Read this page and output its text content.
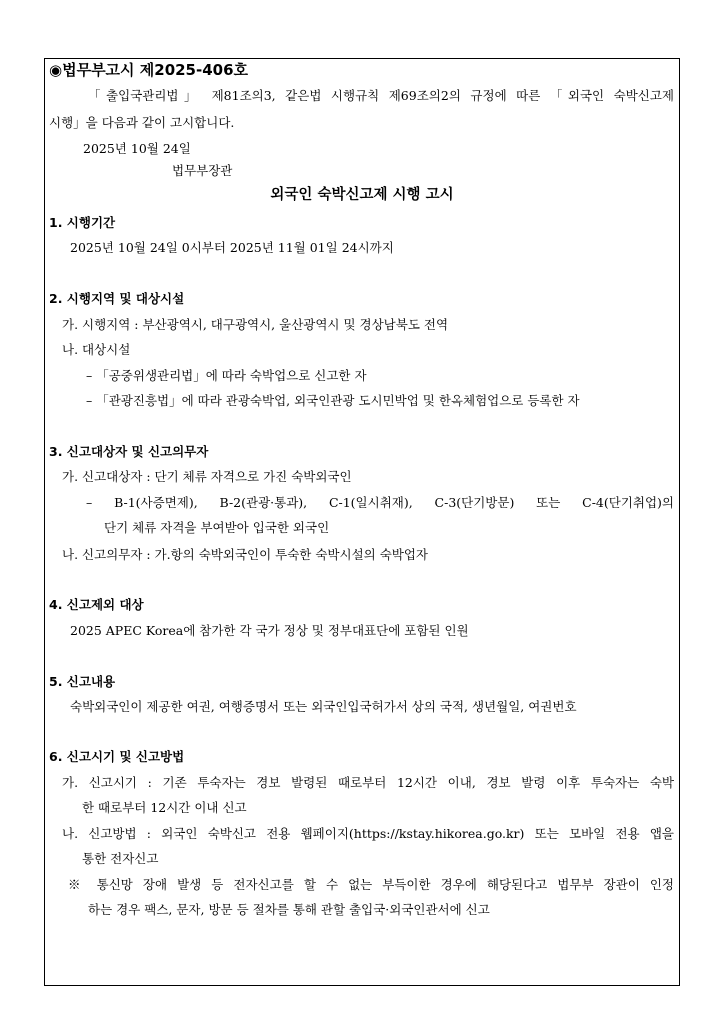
◉법무부고시 제2025-406호
「출입국관리법」 제81조의3, 같은법 시행규칙 제69조의2의 규정에 따른 「외국인 숙박신고제
시행」을 다음과 같이 고시합니다.
2025년 10월 24일
법무부장관
외국인 숙박신고제 시행 고시
1. 시행기간
2025년 10월 24일 0시부터 2025년 11월 01일 24시까지
2. 시행지역 및 대상시설
가. 시행지역 : 부산광역시, 대구광역시, 울산광역시 및 경상남북도 전역
나. 대상시설
– 「공중위생관리법」에 따라 숙박업으로 신고한 자
– 「관광진흥법」에 따라 관광숙박업, 외국인관광 도시민박업 및 한옥체험업으로 등록한 자
3. 신고대상자 및 신고의무자
가. 신고대상자 : 단기 체류 자격으로 가진 숙박외국인
– B-1(사증면제), B-2(관광·통과), C-1(일시취재), C-3(단기방문) 또는 C-4(단기취업)의
단기 체류 자격을 부여받아 입국한 외국인
나. 신고의무자 : 가.항의 숙박외국인이 투숙한 숙박시설의 숙박업자
4. 신고제외 대상
2025 APEC Korea에 참가한 각 국가 정상 및 정부대표단에 포함된 인원
5. 신고내용
숙박외국인이 제공한 여권, 여행증명서 또는 외국인입국허가서 상의 국적, 생년월일, 여권번호
6. 신고시기 및 신고방법
가. 신고시기 : 기존 투숙자는 경보 발령된 때로부터 12시간 이내, 경보 발령 이후 투숙자는 숙박
한 때로부터 12시간 이내 신고
나. 신고방법 : 외국인 숙박신고 전용 웹페이지(https://kstay.hikorea.go.kr) 또는 모바일 전용 앱을
통한 전자신고
※ 통신망 장애 발생 등 전자신고를 할 수 없는 부득이한 경우에 해당된다고 법무부 장관이 인정
하는 경우 팩스, 문자, 방문 등 절차를 통해 관할 출입국·외국인관서에 신고
